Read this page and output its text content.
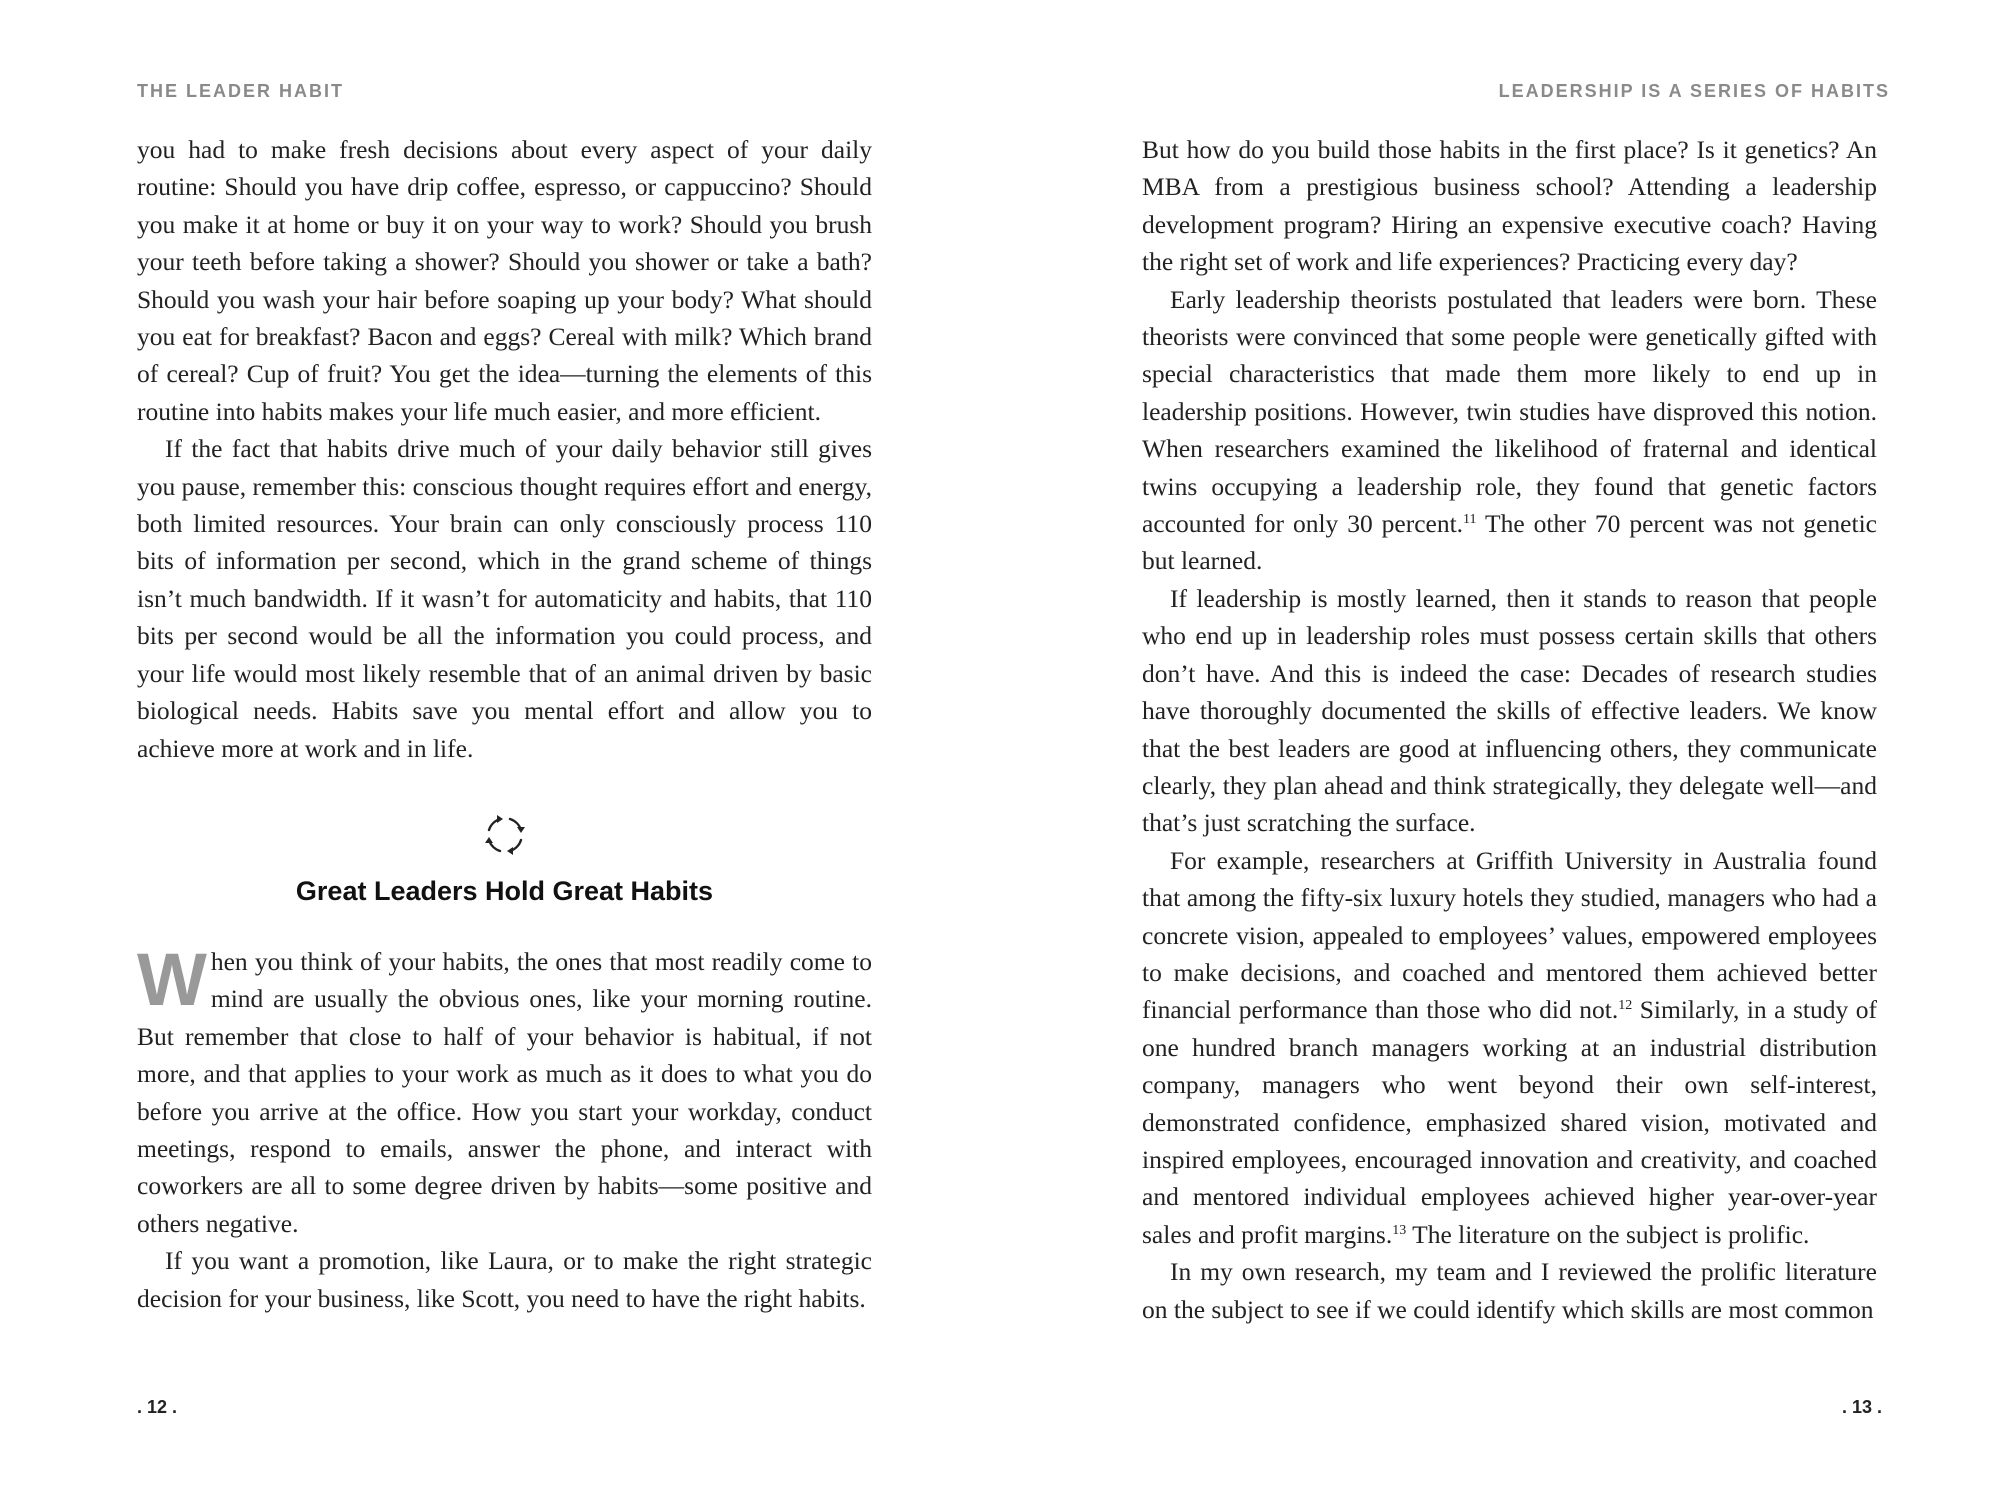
THE LEADER HABIT

you had to make fresh decisions about every aspect of your daily routine: Should you have drip coffee, espresso, or cappuccino? Should you make it at home or buy it on your way to work? Should you brush your teeth before taking a shower? Should you shower or take a bath? Should you wash your hair before soaping up your body? What should you eat for breakfast? Bacon and eggs? Cereal with milk? Which brand of cereal? Cup of fruit? You get the idea—turning the elements of this routine into habits makes your life much easier, and more efficient.

If the fact that habits drive much of your daily behavior still gives you pause, remember this: conscious thought requires effort and energy, both limited resources. Your brain can only consciously process 110 bits of information per second, which in the grand scheme of things isn’t much bandwidth. If it wasn’t for automaticity and habits, that 110 bits per second would be all the information you could process, and your life would most likely resemble that of an animal driven by basic biological needs. Habits save you mental effort and allow you to achieve more at work and in life.

Great Leaders Hold Great Habits

When you think of your habits, the ones that most readily come to mind are usually the obvious ones, like your morning routine. But remember that close to half of your behavior is habitual, if not more, and that applies to your work as much as it does to what you do before you arrive at the office. How you start your workday, conduct meetings, respond to emails, answer the phone, and interact with coworkers are all to some degree driven by habits—some positive and others negative.

If you want a promotion, like Laura, or to make the right strategic decision for your business, like Scott, you need to have the right habits.

. 12 .
LEADERSHIP IS A SERIES OF HABITS

But how do you build those habits in the first place? Is it genetics? An MBA from a prestigious business school? Attending a leadership development program? Hiring an expensive executive coach? Having the right set of work and life experiences? Practicing every day?

Early leadership theorists postulated that leaders were born. These theorists were convinced that some people were genetically gifted with special characteristics that made them more likely to end up in leadership positions. However, twin studies have disproved this notion. When researchers examined the likelihood of fraternal and identical twins occupying a leadership role, they found that genetic factors accounted for only 30 percent.$^{11}$ The other 70 percent was not genetic but learned.

If leadership is mostly learned, then it stands to reason that people who end up in leadership roles must possess certain skills that others don’t have. And this is indeed the case: Decades of research studies have thoroughly documented the skills of effective leaders. We know that the best leaders are good at influencing others, they communicate clearly, they plan ahead and think strategically, they delegate well—and that’s just scratching the surface.

For example, researchers at Griffith University in Australia found that among the fifty-six luxury hotels they studied, managers who had a concrete vision, appealed to employees’ values, empowered employees to make decisions, and coached and mentored them achieved better financial performance than those who did not.$^{12}$ Similarly, in a study of one hundred branch managers working at an industrial distribution company, managers who went beyond their own self-interest, demonstrated confidence, emphasized shared vision, motivated and inspired employees, encouraged innovation and creativity, and coached and mentored individual employees achieved higher year-over-year sales and profit margins.$^{13}$ The literature on the subject is prolific.

In my own research, my team and I reviewed the prolific literature on the subject to see if we could identify which skills are most common

. 13 .
